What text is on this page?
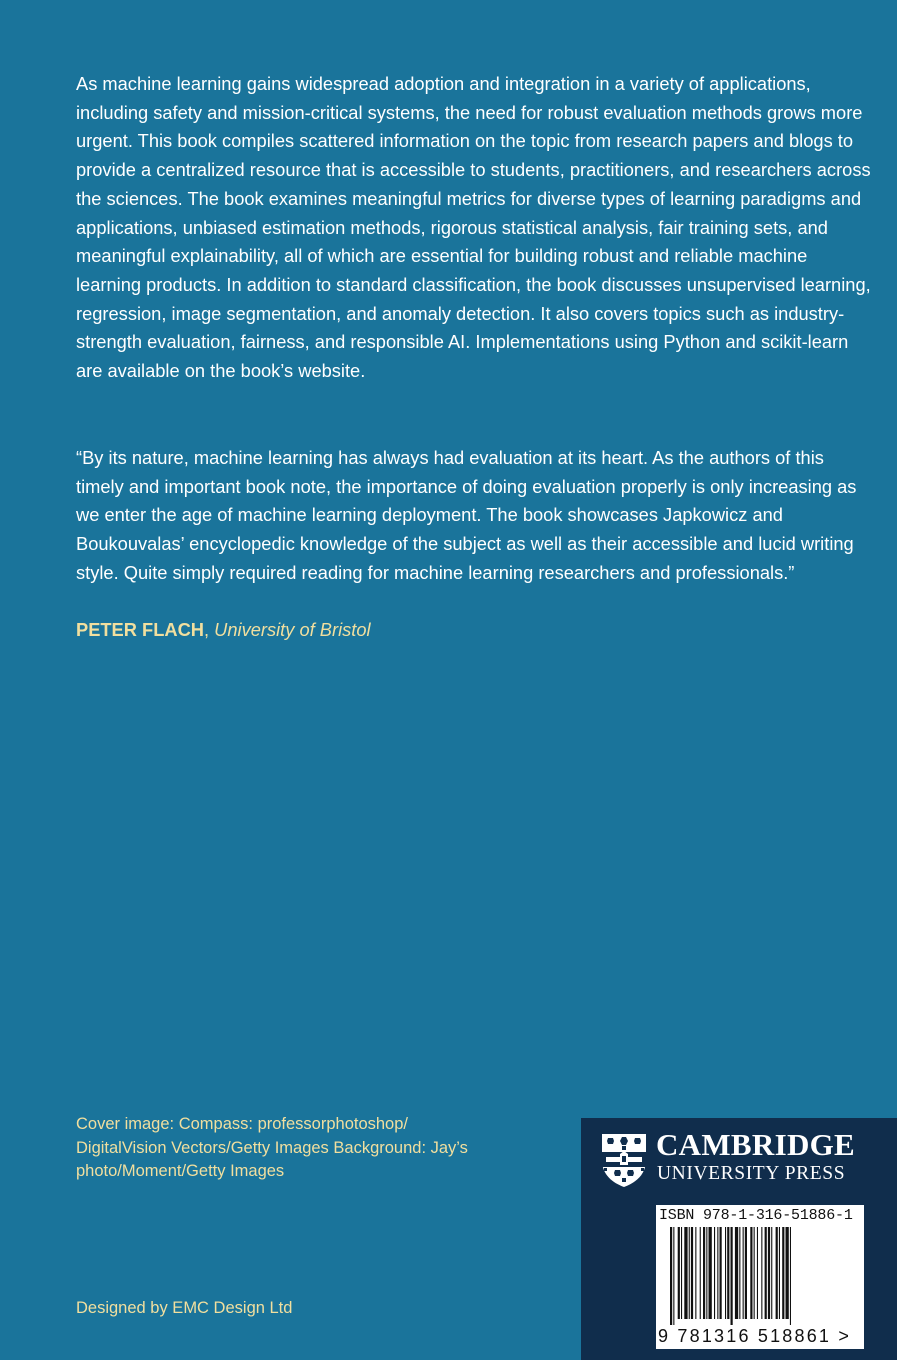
As machine learning gains widespread adoption and integration in a variety of applications, including safety and mission-critical systems, the need for robust evaluation methods grows more urgent. This book compiles scattered information on the topic from research papers and blogs to provide a centralized resource that is accessible to students, practitioners, and researchers across the sciences. The book examines meaningful metrics for diverse types of learning paradigms and applications, unbiased estimation methods, rigorous statistical analysis, fair training sets, and meaningful explainability, all of which are essential for building robust and reliable machine learning products. In addition to standard classification, the book discusses unsupervised learning, regression, image segmentation, and anomaly detection. It also covers topics such as industry-strength evaluation, fairness, and responsible AI. Implementations using Python and scikit-learn are available on the book’s website.

“By its nature, machine learning has always had evaluation at its heart. As the authors of this timely and important book note, the importance of doing evaluation properly is only increasing as we enter the age of machine learning deployment. The book showcases Japkowicz and Boukouvalas’ encyclopedic knowledge of the subject as well as their accessible and lucid writing style. Quite simply required reading for machine learning researchers and professionals.”

PETER FLACH, University of Bristol

Cover image: Compass: professorphotoshop/ DigitalVision Vectors/Getty Images Background: Jay’s photo/Moment/Getty Images

Designed by EMC Design Ltd
CAMBRIDGE
UNIVERSITY PRESS
ISBN 978-1-316-51886-1
9 781316 518861 >
